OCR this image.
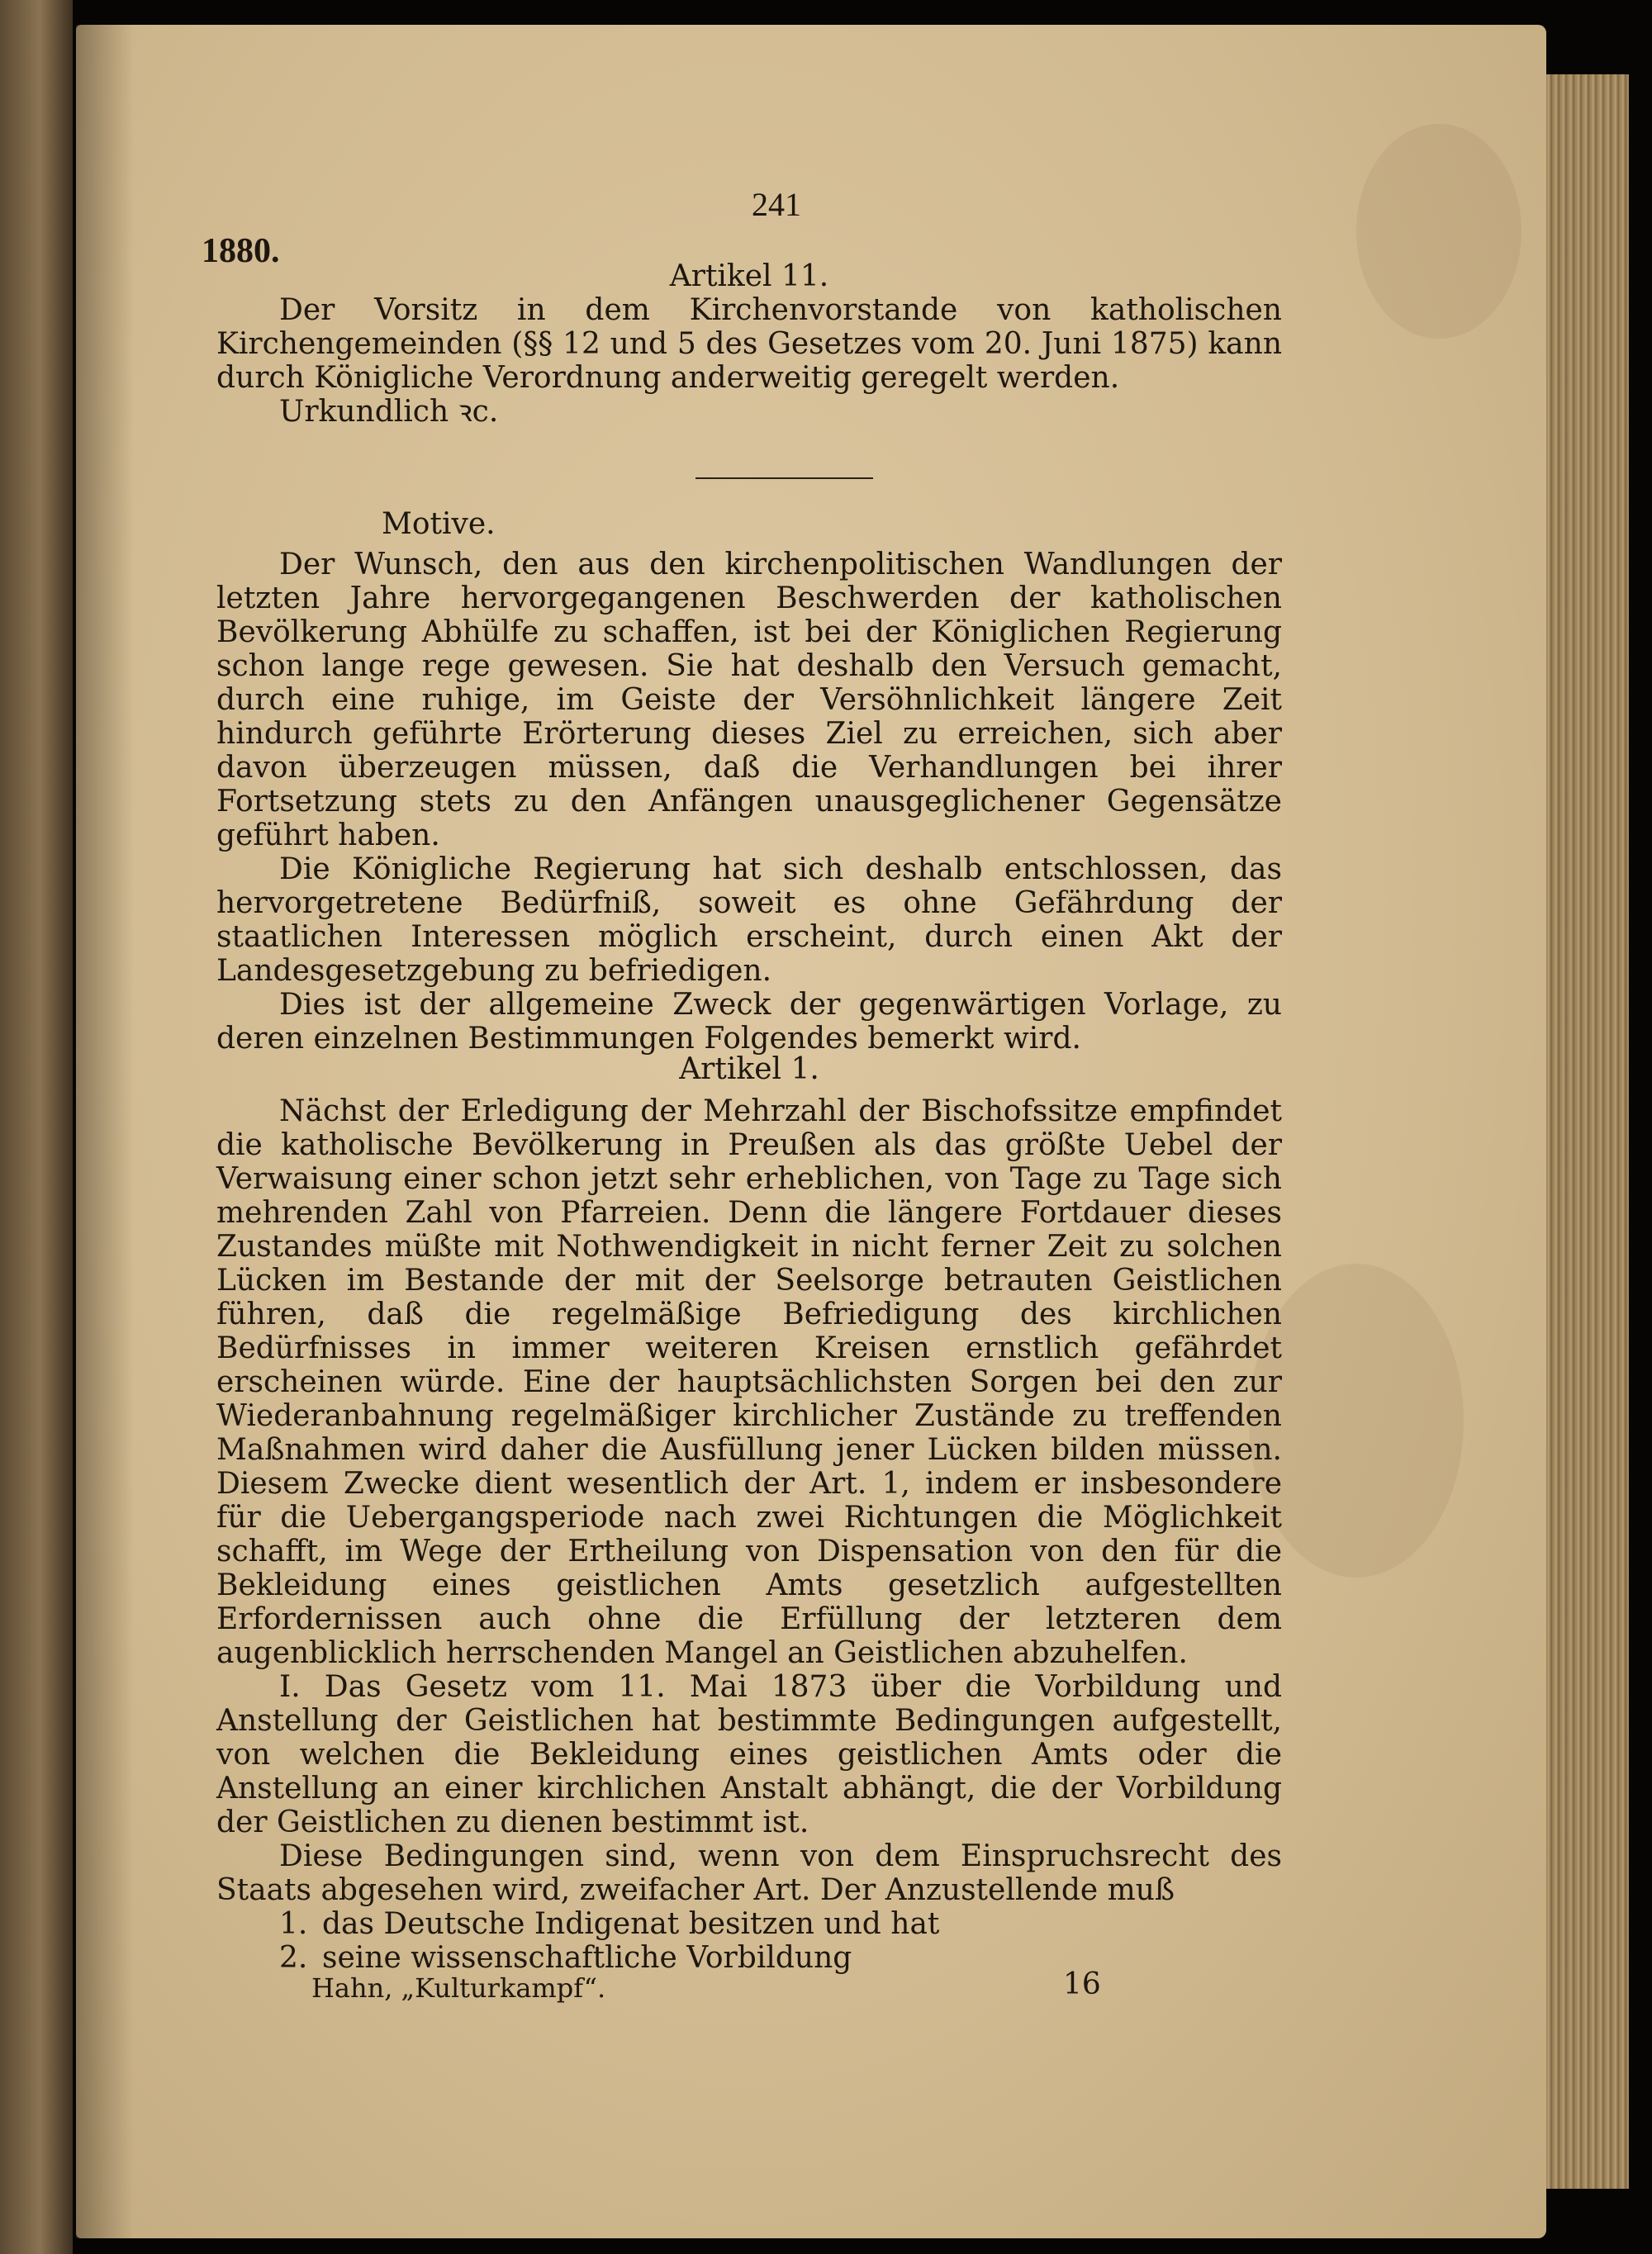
241
1880.

Artikel 11.

Der Vorsitz in dem Kirchenvorstande von katholischen Kirchengemeinden (§§ 12 und 5 des Gesetzes vom 20. Juni 1875) kann durch Königliche Verordnung anderweitig geregelt werden.

Urkundlich ꝛc.

Motive.

Der Wunsch, den aus den kirchenpolitischen Wandlungen der letzten Jahre hervorgegangenen Beschwerden der katholischen Bevölkerung Abhülfe zu schaffen, ist bei der Königlichen Regierung schon lange rege gewesen. Sie hat deshalb den Versuch gemacht, durch eine ruhige, im Geiste der Versöhnlichkeit längere Zeit hindurch geführte Erörterung dieses Ziel zu erreichen, sich aber davon überzeugen müssen, daß die Verhandlungen bei ihrer Fortsetzung stets zu den Anfängen unausgeglichener Gegensätze geführt haben.

Die Königliche Regierung hat sich deshalb entschlossen, das hervorgetretene Bedürfniß, soweit es ohne Gefährdung der staatlichen Interessen möglich erscheint, durch einen Akt der Landesgesetzgebung zu befriedigen.

Dies ist der allgemeine Zweck der gegenwärtigen Vorlage, zu deren einzelnen Bestimmungen Folgendes bemerkt wird.

Artikel 1.

Nächst der Erledigung der Mehrzahl der Bischofssitze empfindet die katholische Bevölkerung in Preußen als das größte Uebel der Verwaisung einer schon jetzt sehr erheblichen, von Tage zu Tage sich mehrenden Zahl von Pfarreien. Denn die längere Fortdauer dieses Zustandes müßte mit Nothwendigkeit in nicht ferner Zeit zu solchen Lücken im Bestande der mit der Seelsorge betrauten Geistlichen führen, daß die regelmäßige Befriedigung des kirchlichen Bedürfnisses in immer weiteren Kreisen ernstlich gefährdet erscheinen würde. Eine der hauptsächlichsten Sorgen bei den zur Wiederanbahnung regelmäßiger kirchlicher Zustände zu treffenden Maßnahmen wird daher die Ausfüllung jener Lücken bilden müssen. Diesem Zwecke dient wesentlich der Art. 1, indem er insbesondere für die Uebergangsperiode nach zwei Richtungen die Möglichkeit schafft, im Wege der Ertheilung von Dispensation von den für die Bekleidung eines geistlichen Amts gesetzlich aufgestellten Erfordernissen auch ohne die Erfüllung der letzteren dem augenblicklich herrschenden Mangel an Geistlichen abzuhelfen.

I. Das Gesetz vom 11. Mai 1873 über die Vorbildung und Anstellung der Geistlichen hat bestimmte Bedingungen aufgestellt, von welchen die Bekleidung eines geistlichen Amts oder die Anstellung an einer kirchlichen Anstalt abhängt, die der Vorbildung der Geistlichen zu dienen bestimmt ist.

Diese Bedingungen sind, wenn von dem Einspruchsrecht des Staats abgesehen wird, zweifacher Art. Der Anzustellende muß

1. das Deutsche Indigenat besitzen und hat

2. seine wissenschaftliche Vorbildung

Hahn, „Kulturkampf“.	16
